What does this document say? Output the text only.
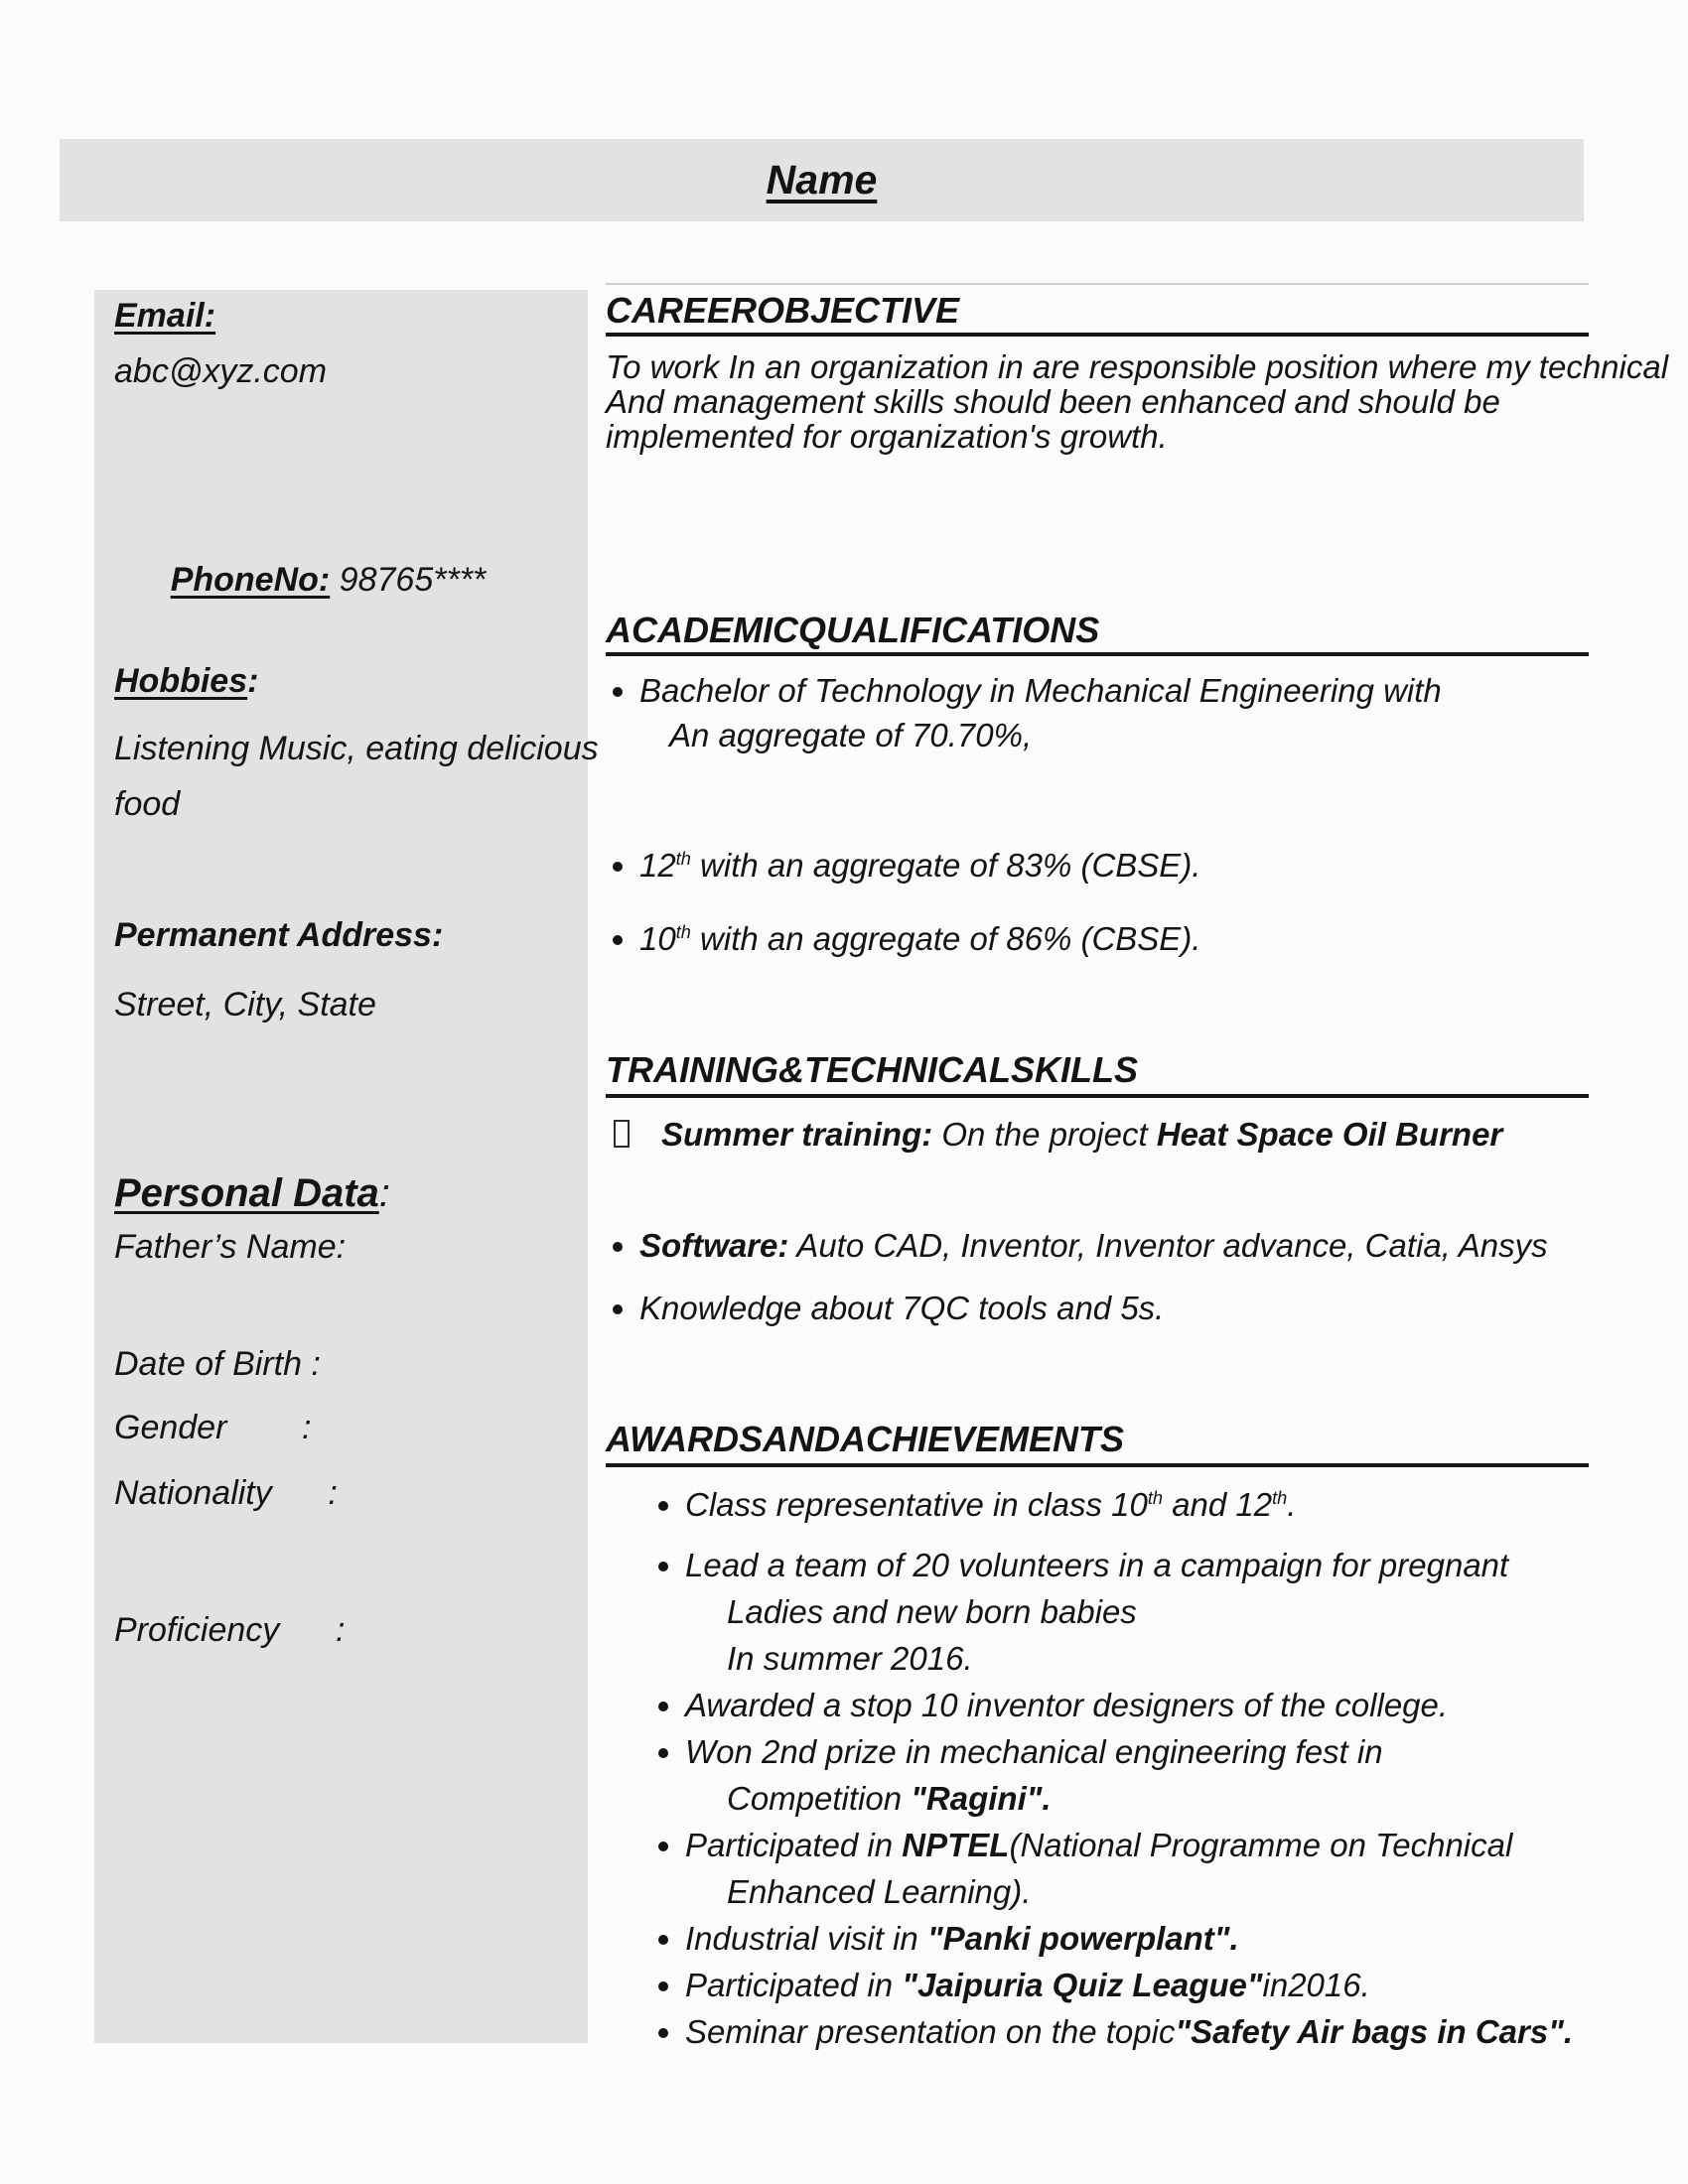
Name
Email:
abc@xyz.com

PhoneNo: 98765****

Hobbies:
Listening Music, eating delicious
food
Permanent Address:
Street, City, State
Personal Data:
Father’s Name:
Date of Birth :
Gender        :
Nationality      :
Proficiency      :
CAREEROBJECTIVE
To work In an organization in are responsible position where my technical
And management skills should been enhanced and should be
implemented for organization's growth.
ACADEMICQUALIFICATIONS
• Bachelor of Technology in Mechanical Engineering with
An aggregate of 70.70%,
• 12th with an aggregate of 83% (CBSE).
• 10th with an aggregate of 86% (CBSE).
TRAINING&TECHNICALSKILLS
Summer training: On the project Heat Space Oil Burner
• Software: Auto CAD, Inventor, Inventor advance, Catia, Ansys
• Knowledge about 7QC tools and 5s.
AWARDSANDACHIEVEMENTS
• Class representative in class 10th and 12th.
• Lead a team of 20 volunteers in a campaign for pregnant
Ladies and new born babies
In summer 2016.
• Awarded a stop 10 inventor designers of the college.
• Won 2nd prize in mechanical engineering fest in
Competition "Ragini".
• Participated in NPTEL(National Programme on Technical
Enhanced Learning).
• Industrial visit in "Panki powerplant".
• Participated in "Jaipuria Quiz League"in2016.
• Seminar presentation on the topic"Safety Air bags in Cars".
